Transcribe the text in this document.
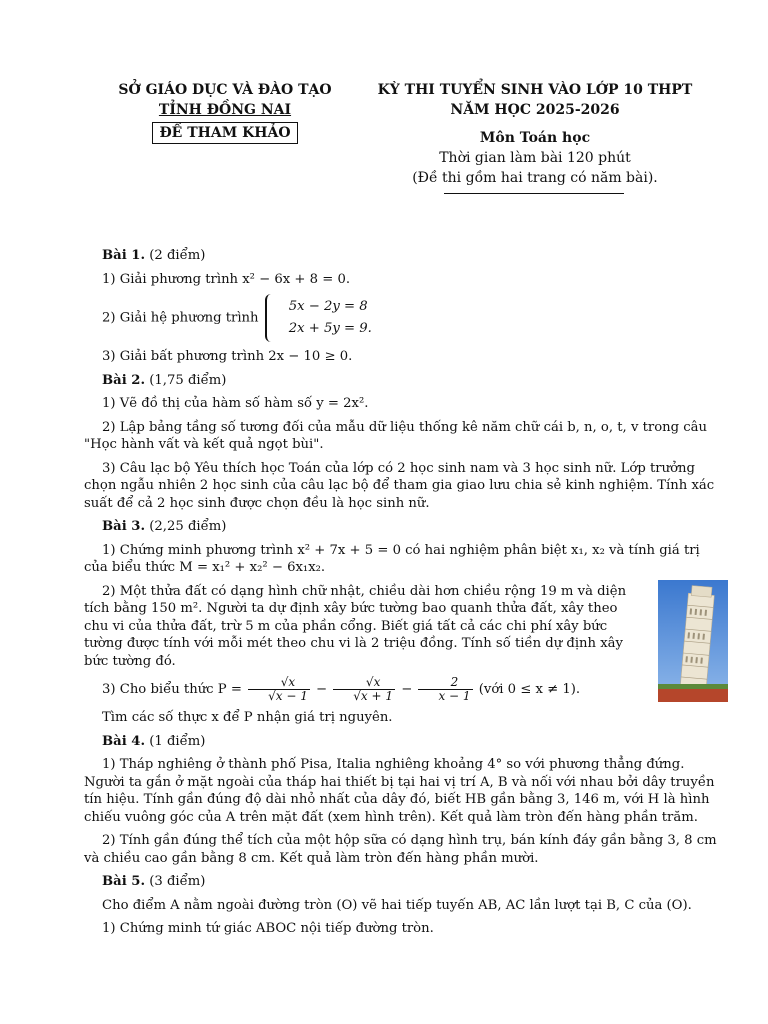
SỞ GIÁO DỤC VÀ ĐÀO TẠO
TỈNH ĐỒNG NAI
ĐỀ THAM KHẢO
KỲ THI TUYỂN SINH VÀO LỚP 10 THPT
NĂM HỌC 2025-2026
Môn Toán học
Thời gian làm bài 120 phút
(Đề thi gồm hai trang có năm bài).

Bài 1. (2 điểm)

1) Giải phương trình x² − 6x + 8 = 0.

2) Giải hệ phương trình
5x − 2y = 8
2x + 5y = 9.

3) Giải bất phương trình 2x − 10 ≥ 0.

Bài 2. (1,75 điểm)

1) Vẽ đồ thị của hàm số hàm số y = 2x².

2) Lập bảng tầng số tương đối của mẫu dữ liệu thống kê năm chữ cái b, n, o, t, v trong câu "Học hành vất và kết quả ngọt bùi".

3) Câu lạc bộ Yêu thích học Toán của lớp có 2 học sinh nam và 3 học sinh nữ. Lớp trưởng chọn ngẫu nhiên 2 học sinh của câu lạc bộ để tham gia giao lưu chia sẻ kinh nghiệm. Tính xác suất để cả 2 học sinh được chọn đều là học sinh nữ.

Bài 3. (2,25 điểm)

1) Chứng minh phương trình x² + 7x + 5 = 0 có hai nghiệm phân biệt x₁, x₂ và tính giá trị của biểu thức M = x₁² + x₂² − 6x₁x₂.

2) Một thửa đất có dạng hình chữ nhật, chiều dài hơn chiều rộng 19 m và diện tích bằng 150 m². Người ta dự định xây bức tường bao quanh thửa đất, xây theo chu vi của thửa đất, trừ 5 m của phần cổng. Biết giá tất cả các chi phí xây bức tường được tính với mỗi mét theo chu vi là 2 triệu đồng. Tính số tiền dự định xây bức tường đó.

3) Cho biểu thức $P = \frac{√x}{√x - 1} - \frac{√x}{√x + 1} - \frac{2}{x - 1}$ (với 0 ≤ x ≠ 1).

Tìm các số thực x để P nhận giá trị nguyên.

Bài 4. (1 điểm)

1) Tháp nghiêng ở thành phố Pisa, Italia nghiêng khoảng 4° so với phương thẳng đứng. Người ta gắn ở mặt ngoài của tháp hai thiết bị tại hai vị trí A, B và nối với nhau bởi dây truyền tín hiệu. Tính gần đúng độ dài nhỏ nhất của dây đó, biết HB gần bằng 3, 146 m, với H là hình chiếu vuông góc của A trên mặt đất (xem hình trên). Kết quả làm tròn đến hàng phần trăm.

2) Tính gần đúng thể tích của một hộp sữa có dạng hình trụ, bán kính đáy gần bằng 3, 8 cm và chiều cao gần bằng 8 cm. Kết quả làm tròn đến hàng phần mười.

Bài 5. (3 điểm)

Cho điểm A nằm ngoài đường tròn (O) vẽ hai tiếp tuyến AB, AC lần lượt tại B, C của (O).

1) Chứng minh tứ giác ABOC nội tiếp đường tròn.
